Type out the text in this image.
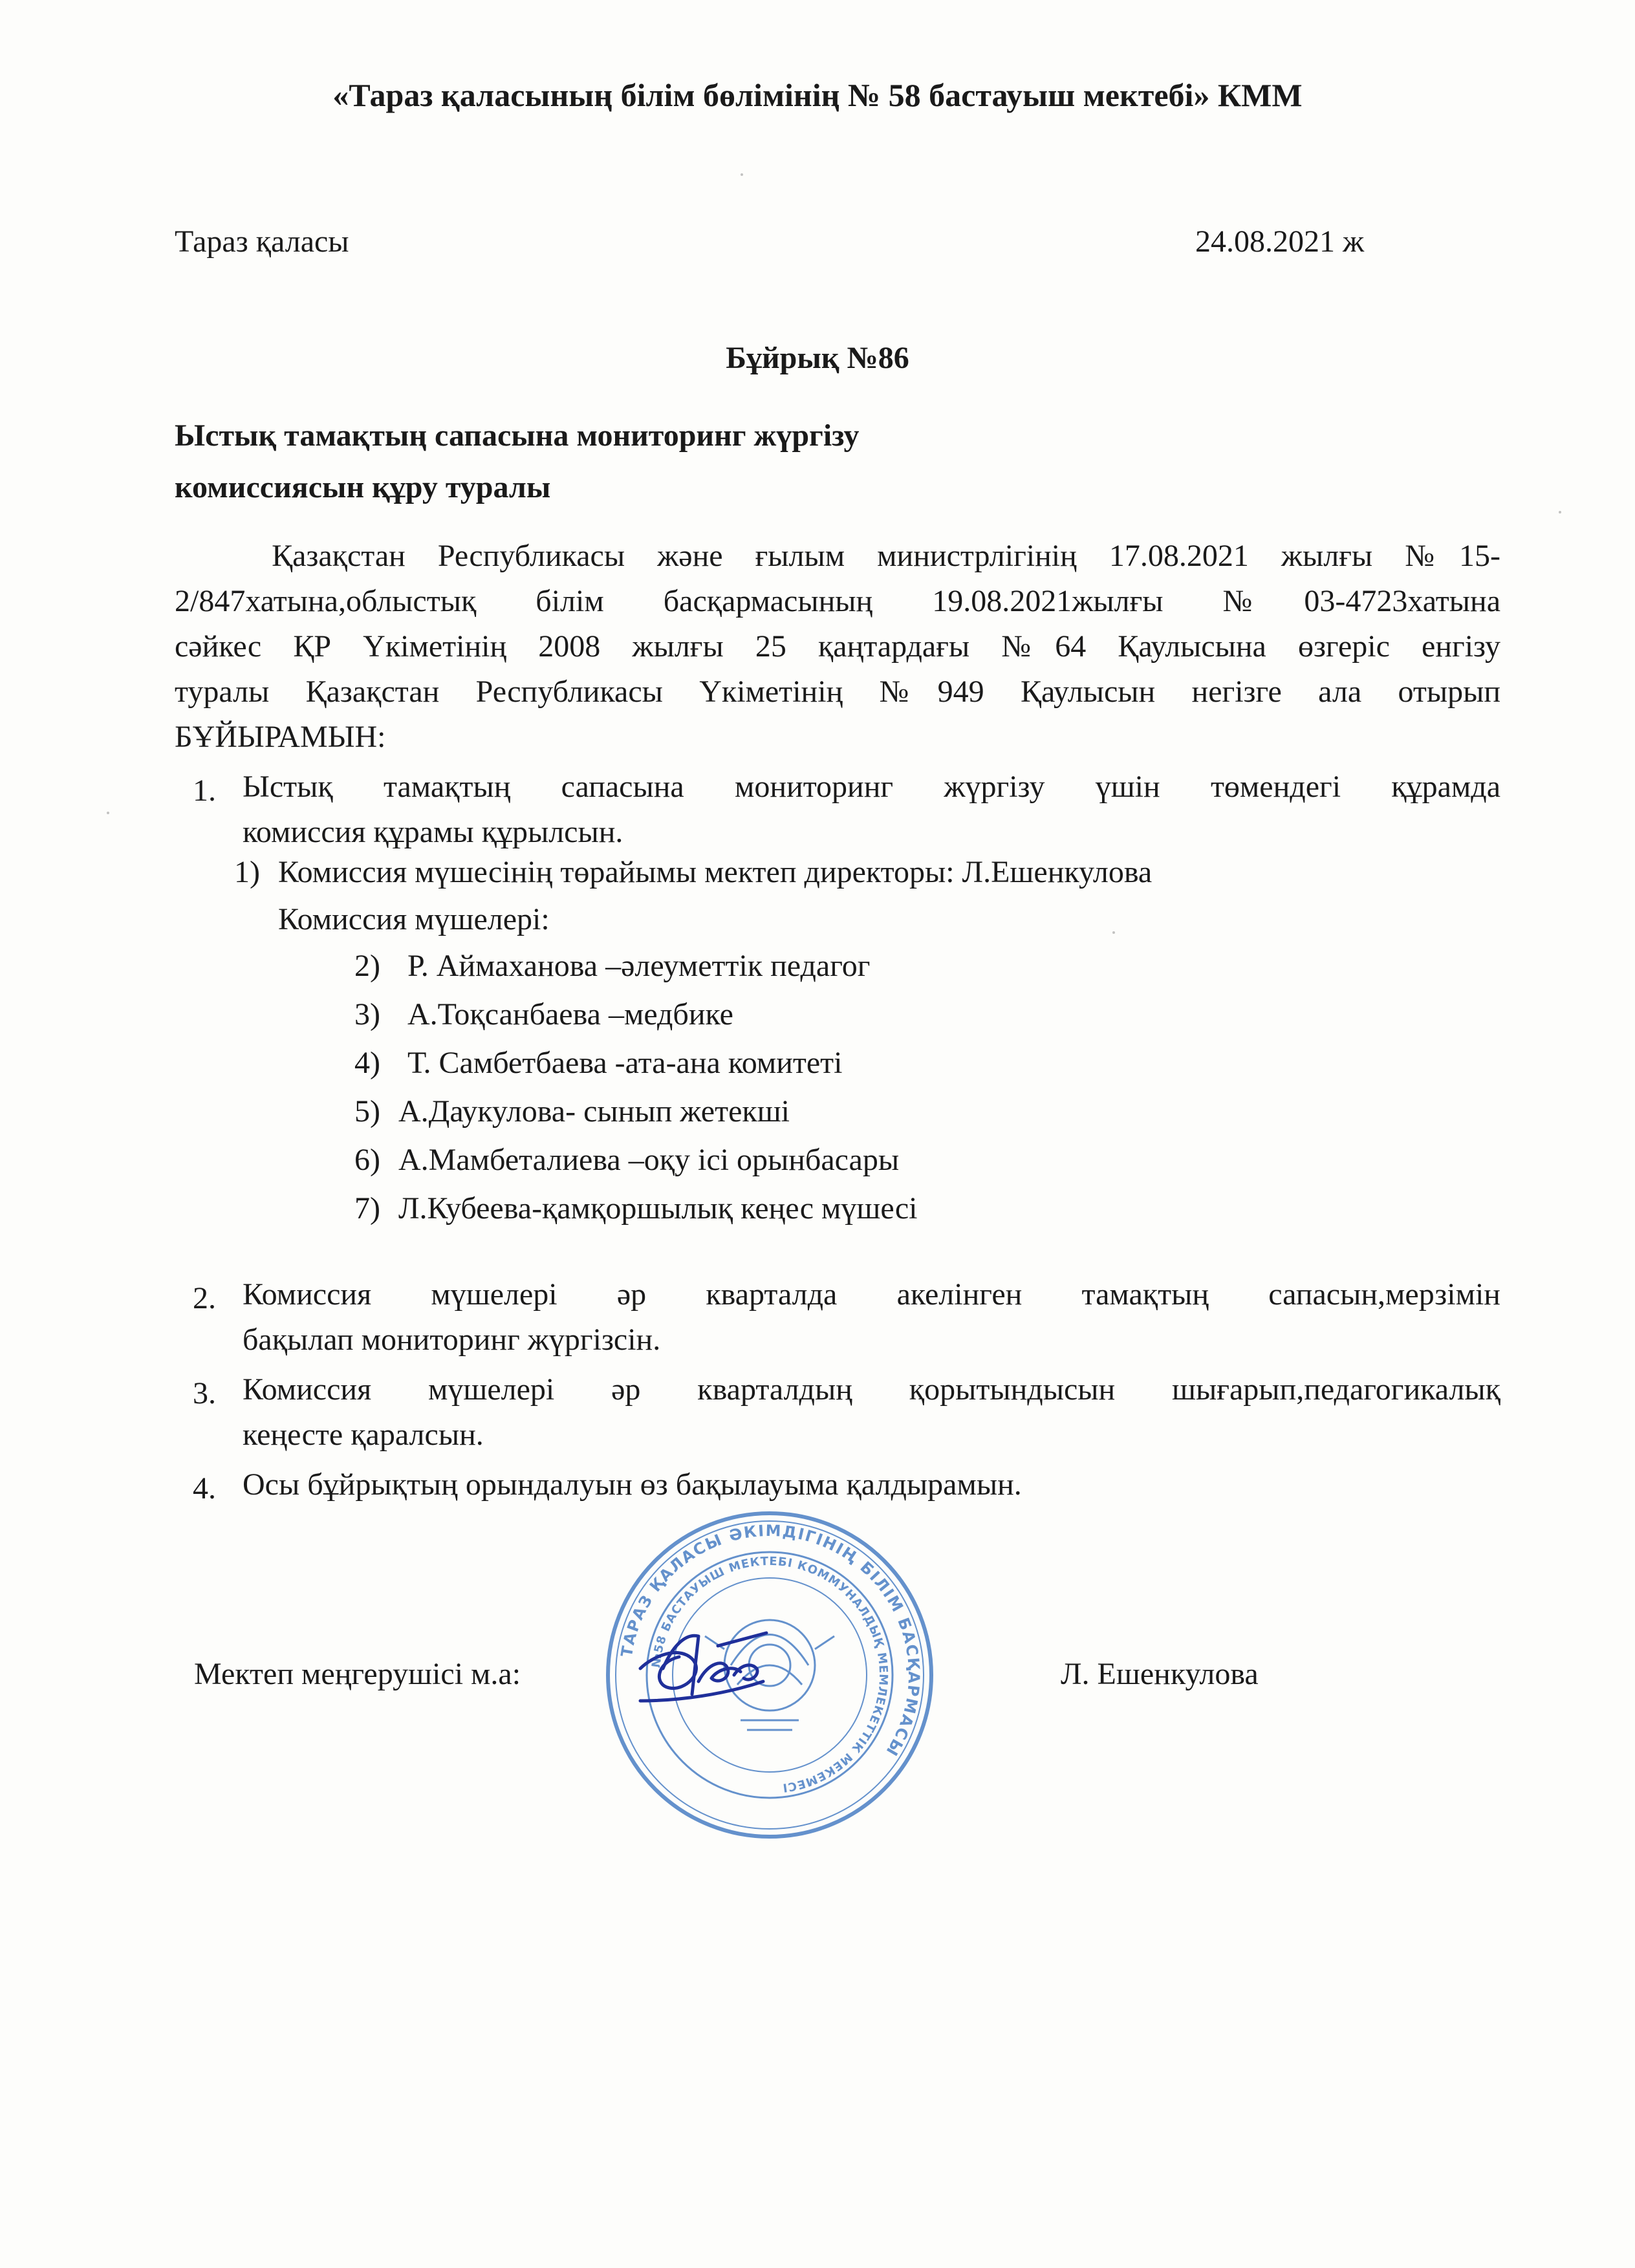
«Тараз қаласының білім бөлімінің № 58 бастауыш мектебі» КММ
Тараз қаласы	24.08.2021 ж
Бұйрық №86
Ыстық тамақтың сапасына мониторинг жүргізу
комиссиясын құру туралы
Қазақстан Республикасы және ғылым министрлігінің 17.08.2021 жылғы №15-
2/847хатына,облыстық білім басқармасының 19.08.2021жылғы №03-4723хатына
сәйкес ҚР Үкіметінің 2008 жылғы 25 қаңтардағы №64 Қаулысына өзгеріс енгізу
туралы Қазақстан Республикасы Үкіметінің №949 Қаулысын негізге ала отырып
БҰЙЫРАМЫН:
1. Ыстық тамақтың сапасына мониторинг жүргізу үшін төмендегі құрамда
комиссия құрамы құрылсын.
1) Комиссия мүшесінің төрайымы мектеп директоры: Л.Ешенкулова
Комиссия мүшелері:
2) Р. Аймаханова –әлеуметтік педагог
3) А.Тоқсанбаева –медбике
4) Т. Самбетбаева -ата-ана комитеті
5) А.Даукулова- сынып жетекші
6) А.Мамбеталиева –оқу ісі орынбасары
7) Л.Кубеева-қамқоршылық кеңес мүшесі
2. Комиссия мүшелері әр кварталда акелінген тамақтың сапасын,мерзімін
бақылап мониторинг жүргізсін.
3. Комиссия мүшелері әр кварталдың қорытындысын шығарып,педагогикалық
кеңесте қаралсын.
4. Осы бұйрықтың орындалуын өз бақылауыма қалдырамын.
ТАРАЗ ҚАЛАСЫ ӘКІМДІГІНІҢ БІЛІМ БАСҚАРМАСЫ
№58 БАСТАУЫШ МЕКТЕБІ КОММУНАЛДЫҚ МЕМЛЕКЕТТІК МЕКЕМЕСІ
Мектеп меңгерушісі м.а:	Л. Ешенкулова
